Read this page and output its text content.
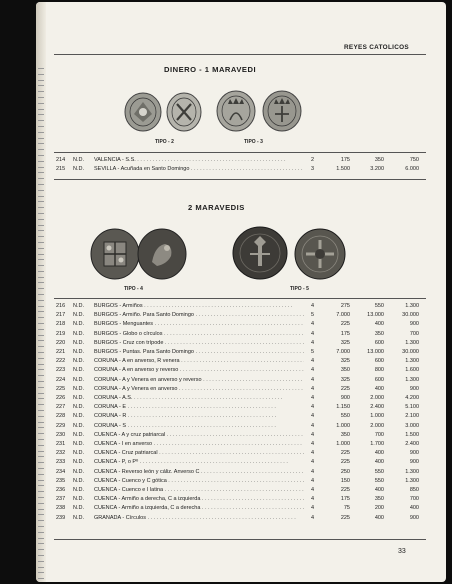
REYES CATOLICOS
DINERO - 1 MARAVEDI
TIPO - 2	TIPO - 3
214 N.D. VALENCIA - S.S. . . .	2	175	350	750
215 N.D. SEVILLA - Acuñada en Santo Domingo . . .	3	1.500	3.200	6.000
2 MARAVEDIS
TIPO - 4	TIPO - 5
216 N.D. BURGOS - Armiños . . .	4	275	550	1.300
217 N.D. BURGOS - Armiño. Para Santo Domingo . . .	5	7.000	13.000	30.000
218 N.D. BURGOS - Menguantes . . .	4	225	400	900
219 N.D. BURGOS - Globo o círculos . . .	4	175	350	700
220 N.D. BURGOS - Cruz con trípode . . .	4	325	600	1.300
221 N.D. BURGOS - Puntas. Para Santo Domingo . . .	5	7.000	13.000	30.000
222 N.D. CORUÑA - A en anverso, R venera . . .	4	325	600	1.300
223 N.D. CORUÑA - A en anverso y reverso . . .	4	350	800	1.600
224 N.D. CORUÑA - A y Venera en anverso y reverso . . .	4	325	600	1.300
225 N.D. CORUÑA - A y Venera en anverso . . .	4	225	400	900
226 N.D. CORUÑA - A.S. . . .	4	900	2.000	4.200
227 N.D. CORUÑA - E . . .	4	1.150	2.400	5.100
228 N.D. CORUÑA - R . . .	4	550	1.000	2.100
229 N.D. CORUÑA - S . . .	4	1.000	2.000	3.000
230 N.D. CUENCA - A y cruz patriarcal . . .	4	350	700	1.500
231 N.D. CUENCA - I en anverso . . .	4	1.000	1.700	2.400
232 N.D. CUENCA - Cruz patriarcal . . .	4	225	400	900
233 N.D. CUENCA - P, o Pº . . .	4	225	400	900
234 N.D. CUENCA - Reverso león y cáliz. Anverso C . . .	4	250	550	1.300
235 N.D. CUENCA - Cuenco y C gótica . . .	4	150	550	1.300
236 N.D. CUENCA - Cuenco e I latina . . .	4	225	400	850
237 N.D. CUENCA - Armiño a derecha, C a izquierda . . .	4	175	350	700
238 N.D. CUENCA - Armiño a izquierda, C a derecha . . .	4	75	200	400
239 N.D. GRANADA - Círculos . . .	4	225	400	900
33
